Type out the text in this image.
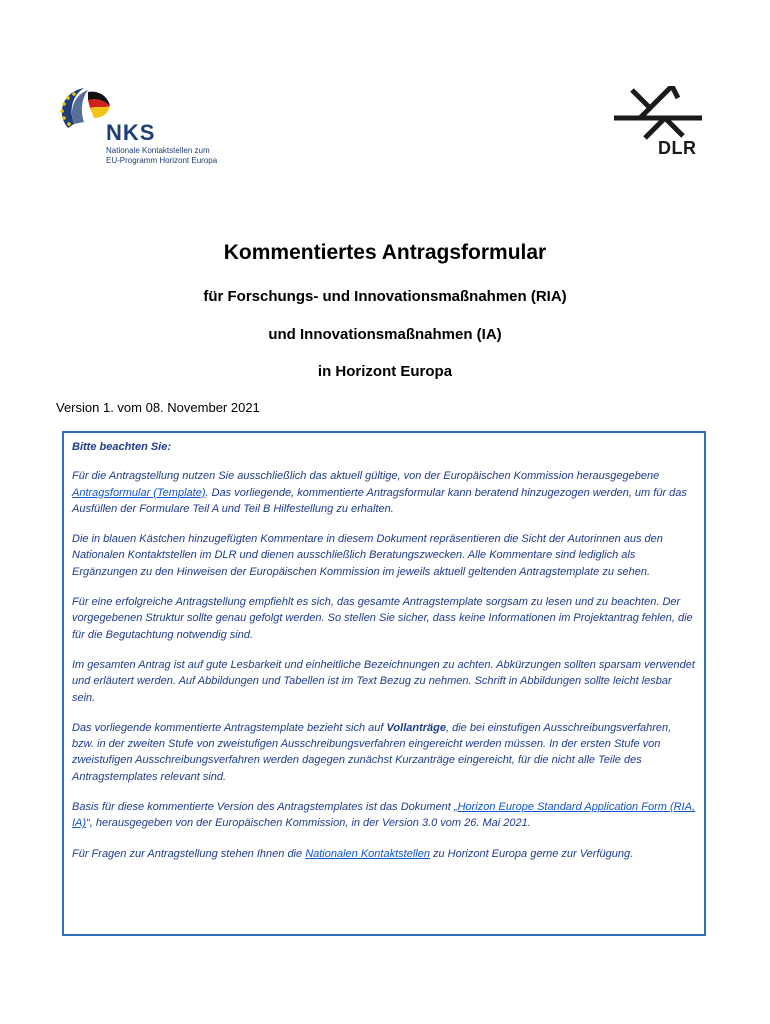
NKS
Nationale Kontaktstellen zum
EU-Programm Horizont Europa
DLR
Kommentiertes Antragsformular
für Forschungs- und Innovationsmaßnahmen (RIA)
und Innovationsmaßnahmen (IA)
in Horizont Europa
Version 1. vom 08. November 2021

Bitte beachten Sie:

Für die Antragstellung nutzen Sie ausschließlich das aktuell gültige, von der Europäischen Kommission herausgegebene Antragsformular (Template). Das vorliegende, kommentierte Antragsformular kann beratend hinzugezogen werden, um für das Ausfüllen der Formulare Teil A und Teil B Hilfestellung zu erhalten.

Die in blauen Kästchen hinzugefügten Kommentare in diesem Dokument repräsentieren die Sicht der Autorinnen aus den Nationalen Kontaktstellen im DLR und dienen ausschließlich Beratungszwecken. Alle Kommentare sind lediglich als Ergänzungen zu den Hinweisen der Europäischen Kommission im jeweils aktuell geltenden Antragstemplate zu sehen.

Für eine erfolgreiche Antragstellung empfiehlt es sich, das gesamte Antragstemplate sorgsam zu lesen und zu beachten. Der vorgegebenen Struktur sollte genau gefolgt werden. So stellen Sie sicher, dass keine Informationen im Projektantrag fehlen, die für die Begutachtung notwendig sind.

Im gesamten Antrag ist auf gute Lesbarkeit und einheitliche Bezeichnungen zu achten. Abkürzungen sollten sparsam verwendet und erläutert werden. Auf Abbildungen und Tabellen ist im Text Bezug zu nehmen. Schrift in Abbildungen sollte leicht lesbar sein.

Das vorliegende kommentierte Antragstemplate bezieht sich auf Vollanträge, die bei einstufigen Ausschreibungsverfahren, bzw. in der zweiten Stufe von zweistufigen Ausschreibungsverfahren eingereicht werden müssen. In der ersten Stufe von zweistufigen Ausschreibungsverfahren werden dagegen zunächst Kurzanträge eingereicht, für die nicht alle Teile des Antragstemplates relevant sind.

Basis für diese kommentierte Version des Antragstemplates ist das Dokument „Horizon Europe Standard Application Form (RIA, IA)“, herausgegeben von der Europäischen Kommission, in der Version 3.0 vom 26. Mai 2021.

Für Fragen zur Antragstellung stehen Ihnen die Nationalen Kontaktstellen zu Horizont Europa gerne zur Verfügung.
